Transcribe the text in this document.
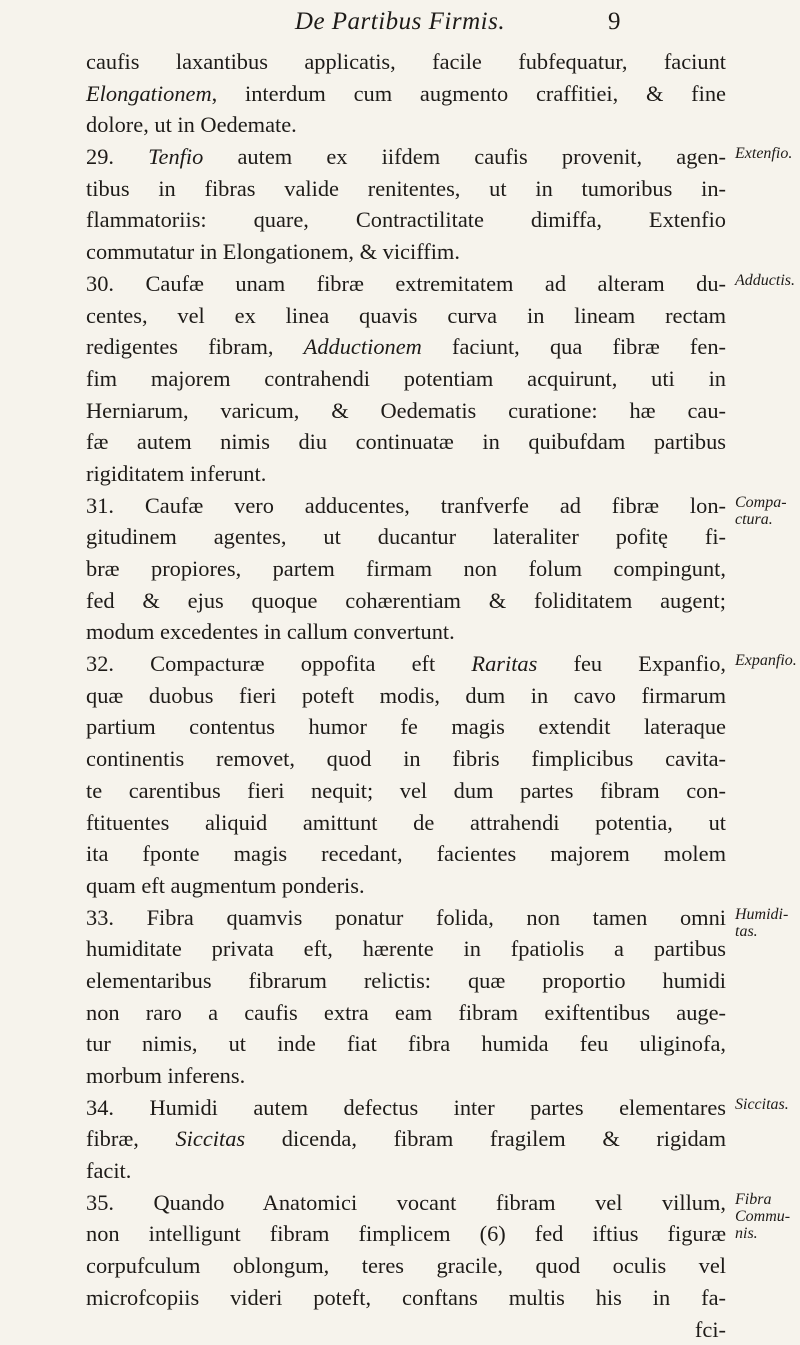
De Partibus Firmis.	9
caufis laxantibus applicatis, facile fubfequatur, faciunt
Elongationem, interdum cum augmento craffitiei, & fine
dolore, ut in Oedemate.
29. Tenfio autem ex iifdem caufis provenit, agen-
tibus in fibras valide renitentes, ut in tumoribus in-
flammatoriis: quare, Contractilitate dimiffa, Extenfio
commutatur in Elongationem, & viciffim.
30. Caufæ unam fibræ extremitatem ad alteram du-
centes, vel ex linea quavis curva in lineam rectam
redigentes fibram, Adductionem faciunt, qua fibræ fen-
fim majorem contrahendi potentiam acquirunt, uti in
Herniarum, varicum, & Oedematis curatione: hæ cau-
fæ autem nimis diu continuatæ in quibufdam partibus
rigiditatem inferunt.
31. Caufæ vero adducentes, tranfverfe ad fibræ lon-
gitudinem agentes, ut ducantur lateraliter pofitę fi-
bræ propiores, partem firmam non folum compingunt,
fed & ejus quoque cohærentiam & foliditatem augent;
modum excedentes in callum convertunt.
32. Compacturæ oppofita eft Raritas feu Expanfio,
quæ duobus fieri poteft modis, dum in cavo firmarum
partium contentus humor fe magis extendit lateraque
continentis removet, quod in fibris fimplicibus cavita-
te carentibus fieri nequit; vel dum partes fibram con-
ftituentes aliquid amittunt de attrahendi potentia, ut
ita fponte magis recedant, facientes majorem molem
quam eft augmentum ponderis.
33. Fibra quamvis ponatur folida, non tamen omni
humiditate privata eft, hærente in fpatiolis a partibus
elementaribus fibrarum relictis: quæ proportio humidi
non raro a caufis extra eam fibram exiftentibus auge-
tur nimis, ut inde fiat fibra humida feu uliginofa,
morbum inferens.
34. Humidi autem defectus inter partes elementares
fibræ, Siccitas dicenda, fibram fragilem & rigidam
facit.
35. Quando Anatomici vocant fibram vel villum,
non intelligunt fibram fimplicem (6) fed iftius figuræ
corpufculum oblongum, teres gracile, quod oculis vel
microfcopiis videri poteft, conftans multis his in fa-
fci-
Extenfio.
Adductis.
Compa-
ctura.
Expanfio.
Humidi-
tas.
Siccitas.
Fibra
Commu-
nis.
